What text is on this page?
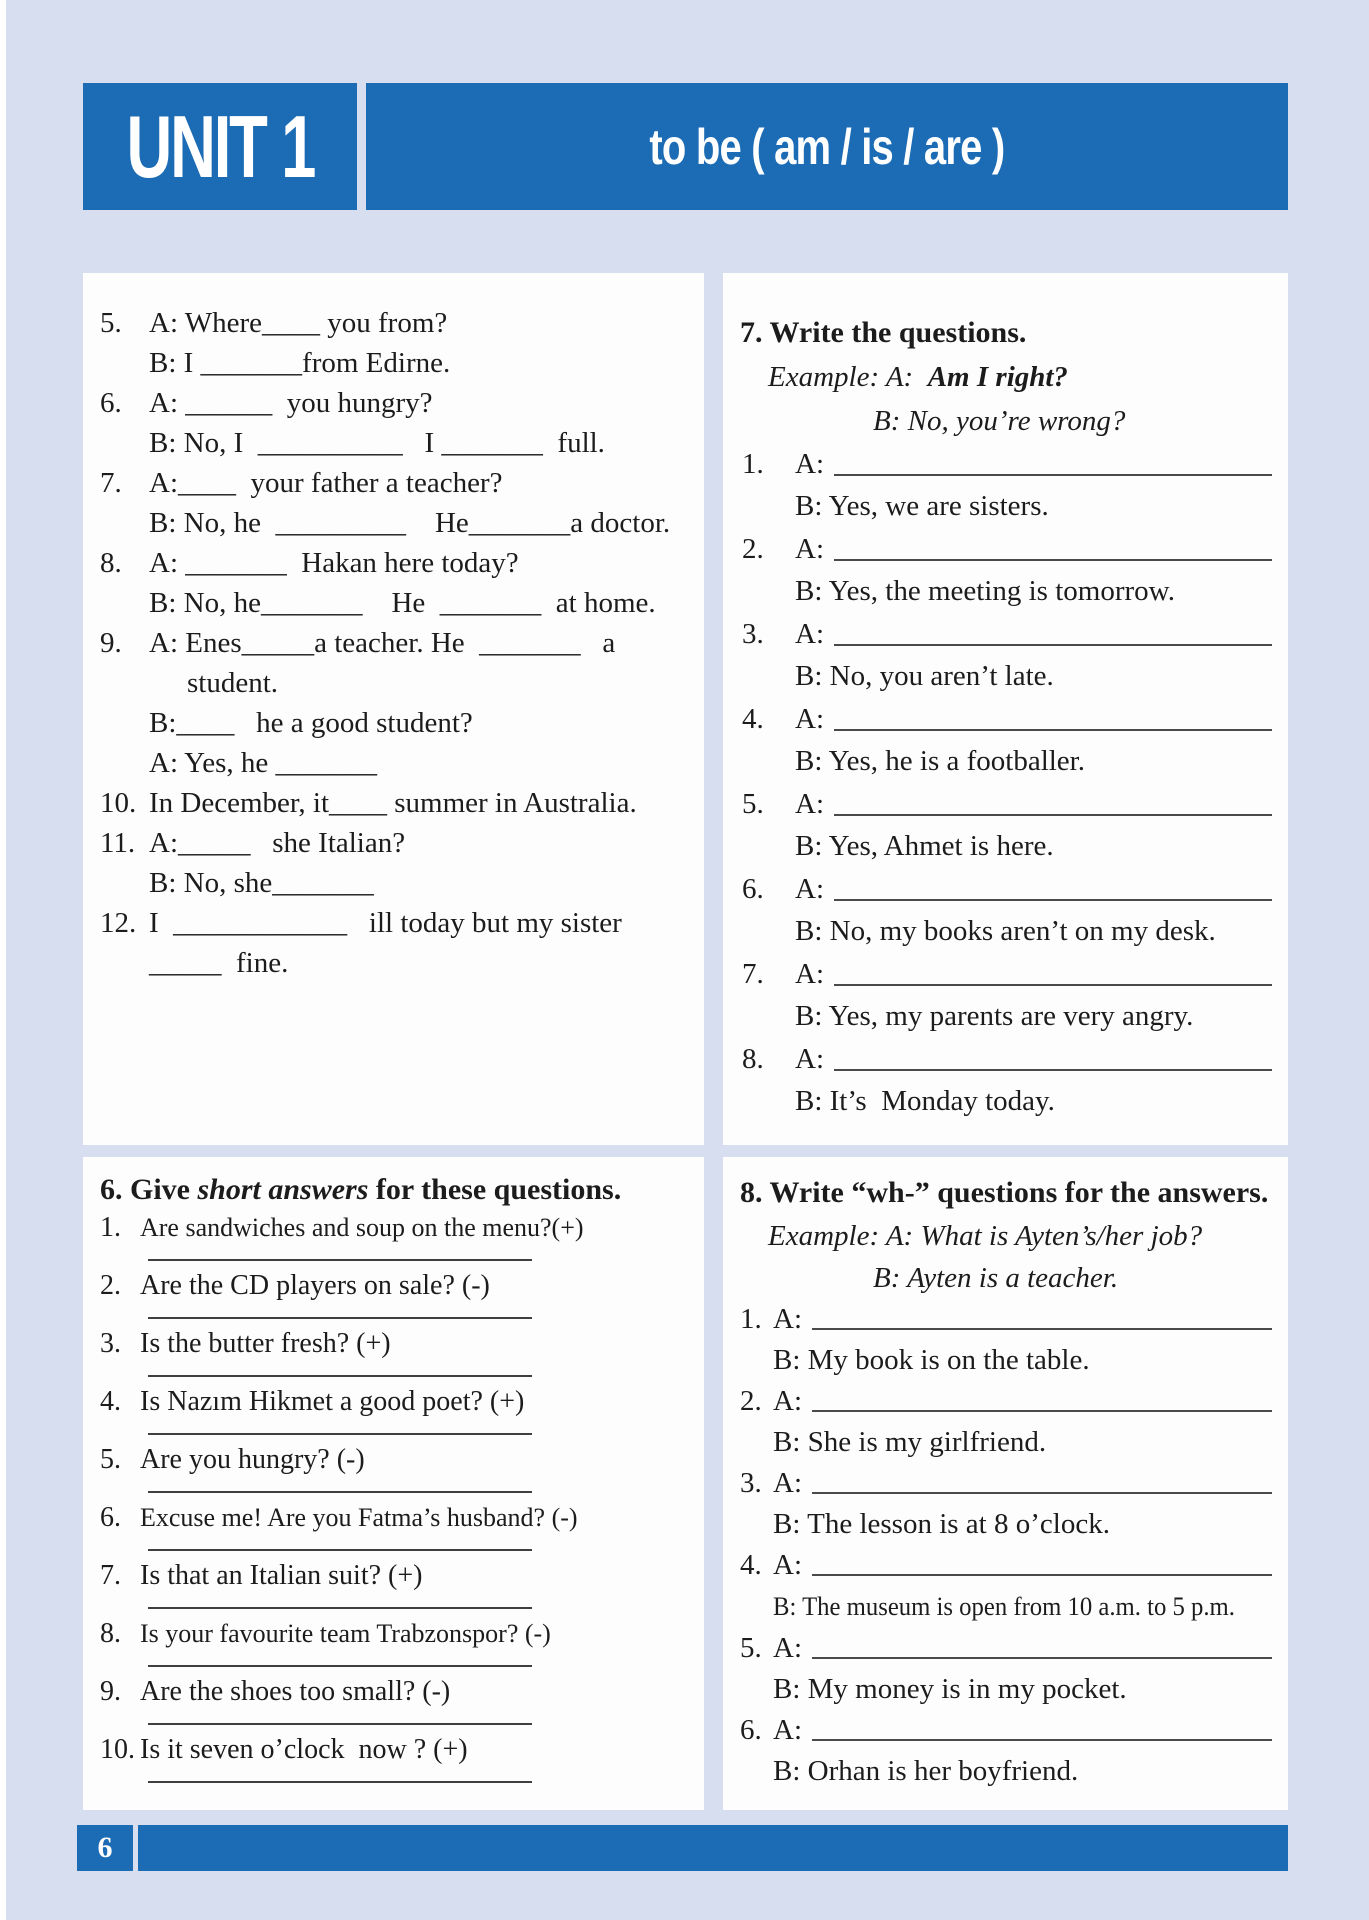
UNIT 1	to be ( am / is / are )
5. A: Where____ you from?
B: I _______from Edirne.
6. A: ______  you hungry?
B: No, I  __________   I _______  full.
7. A:____  your father a teacher?
B: No, he  _________    He_______a doctor.
8. A: _______  Hakan here today?
B: No, he_______    He  _______  at home.
9. A: Enes_____a teacher. He  _______   a
student.
B:____   he a good student?
A: Yes, he _______
10. In December, it____ summer in Australia.
11. A:_____   she Italian?
B: No, she_______
12. I  ____________   ill today but my sister
_____  fine.
7. Write the questions.
Example: A:  Am I right?
B: No, you’re wrong?
1.	A:
B: Yes, we are sisters.
2.	A:
B: Yes, the meeting is tomorrow.
3.	A:
B: No, you aren’t late.
4.	A:
B: Yes, he is a footballer.
5.	A:
B: Yes, Ahmet is here.
6.	A:
B: No, my books aren’t on my desk.
7.	A:
B: Yes, my parents are very angry.
8.	A:
B: It’s  Monday today.
6. Give short answers for these questions.
1. Are sandwiches and soup on the menu?(+)
2. Are the CD players on sale? (-)
3. Is the butter fresh? (+)
4. Is Nazım Hikmet a good poet? (+)
5. Are you hungry? (-)
6. Excuse me! Are you Fatma’s husband? (-)
7. Is that an Italian suit? (+)
8. Is your favourite team Trabzonspor? (-)
9. Are the shoes too small? (-)
10. Is it seven o’clock  now ? (+)
8. Write “wh-” questions for the answers.
Example: A: What is Ayten’s/her job?
B: Ayten is a teacher.
1. A:
B: My book is on the table.
2. A:
B: She is my girlfriend.
3. A:
B: The lesson is at 8 o’clock.
4. A:
B: The museum is open from 10 a.m. to 5 p.m.
5. A:
B: My money is in my pocket.
6. A:
B: Orhan is her boyfriend.
6
